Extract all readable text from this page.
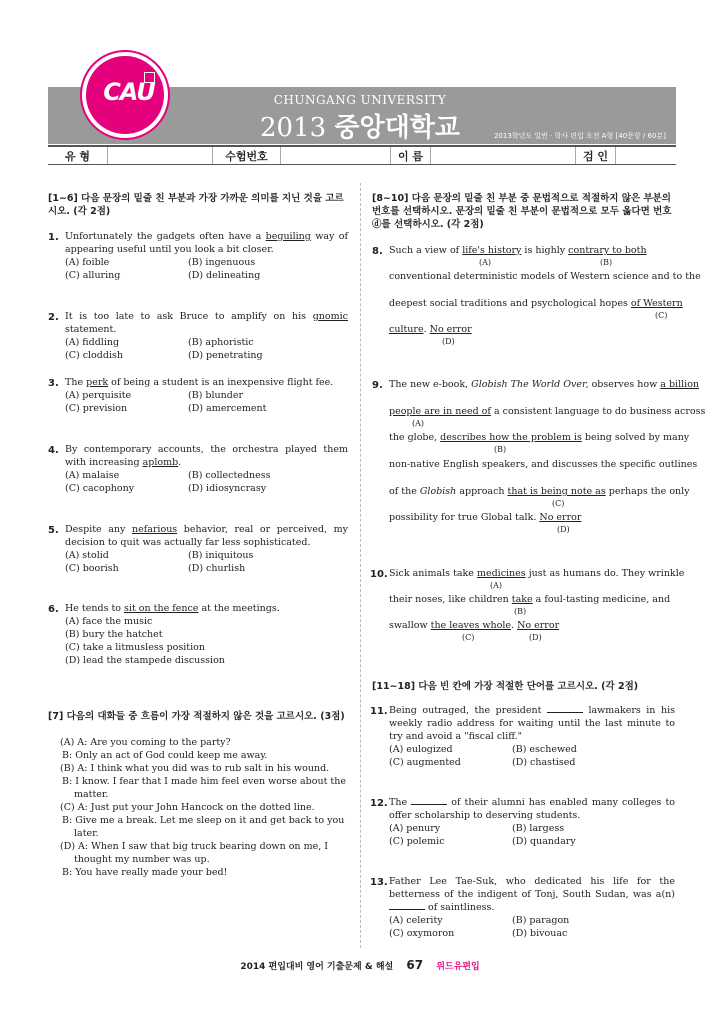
CAU	CHUNGANG UNIVERSITY
2013 중앙대학교	2013학년도 일반 · 학사 편입 오전 A형 [40문항 / 60분]
유 형	수험번호	이 름	검 인
[1~6] 다음 문장의 밑줄 친 부분과 가장 가까운 의미를 지닌 것을 고르시오. (각 2점)
1. Unfortunately the gadgets often have a beguiling way of appearing useful until you look a bit closer.
(A) foible	(B) ingenuous
(C) alluring	(D) delineating
2. It is too late to ask Bruce to amplify on his gnomic statement.
(A) fiddling	(B) aphoristic
(C) cloddish	(D) penetrating
3. The perk of being a student is an inexpensive flight fee.
(A) perquisite	(B) blunder
(C) prevision	(D) amercement
4. By contemporary accounts, the orchestra played them with increasing aplomb.
(A) malaise	(B) collectedness
(C) cacophony	(D) idiosyncrasy
5. Despite any nefarious behavior, real or perceived, my decision to quit was actually far less sophisticated.
(A) stolid	(B) iniquitous
(C) boorish	(D) churlish
6. He tends to sit on the fence at the meetings.
(A) face the music
(B) bury the hatchet
(C) take a litmusless position
(D) lead the stampede discussion
[7] 다음의 대화들 중 흐름이 가장 적절하지 않은 것을 고르시오. (3점)
(A) A: Are you coming to the party?
B: Only an act of God could keep me away.
(B) A: I think what you did was to rub salt in his wound.
B: I know. I fear that I made him feel even worse about the matter.
(C) A: Just put your John Hancock on the dotted line.
B: Give me a break. Let me sleep on it and get back to you later.
(D) A: When I saw that big truck bearing down on me, I thought my number was up.
B: You have really made your bed!
[8~10] 다음 문장의 밑줄 친 부분 중 문법적으로 적절하지 않은 부분의 번호를 선택하시오. 문장의 밑줄 친 부분이 문법적으로 모두 옳다면 번호 ⓓ를 선택하시오. (각 2점)
8. Such a view of life's history is highly contrary to both
(A)	(B)
conventional deterministic models of Western science and to the
deepest social traditions and psychological hopes of Western
(C)
culture. No error
(D)
9. The new e-book, Globish The World Over, observes how a billion
people are in need of a consistent language to do business across
(A)
the globe, describes how the problem is being solved by many
(B)
non-native English speakers, and discusses the specific outlines
of the Globish approach that is being note as perhaps the only
(C)
possibility for true Global talk. No error
(D)
10. Sick animals take medicines just as humans do. They wrinkle
(A)
their noses, like children take a foul-tasting medicine, and
(B)
swallow the leaves whole. No error
(C)	(D)
[11~18] 다음 빈 칸에 가장 적절한 단어를 고르시오. (각 2점)
11. Being outraged, the president	lawmakers in his weekly radio address for waiting until the last minute to try and avoid a "fiscal cliff."
(A) eulogized	(B) eschewed
(C) augmented	(D) chastised
12. The	of their alumni has enabled many colleges to offer scholarship to deserving students.
(A) penury	(B) largess
(C) polemic	(D) quandary
13. Father Lee Tae-Suk, who dedicated his life for the betterness of the indigent of Tonj, South Sudan, was a(n)  of saintliness.
(A) celerity	(B) paragon
(C) oxymoron	(D) bivouac
2014 편입대비 영어 기출문제 & 해설 67 위드유편입
